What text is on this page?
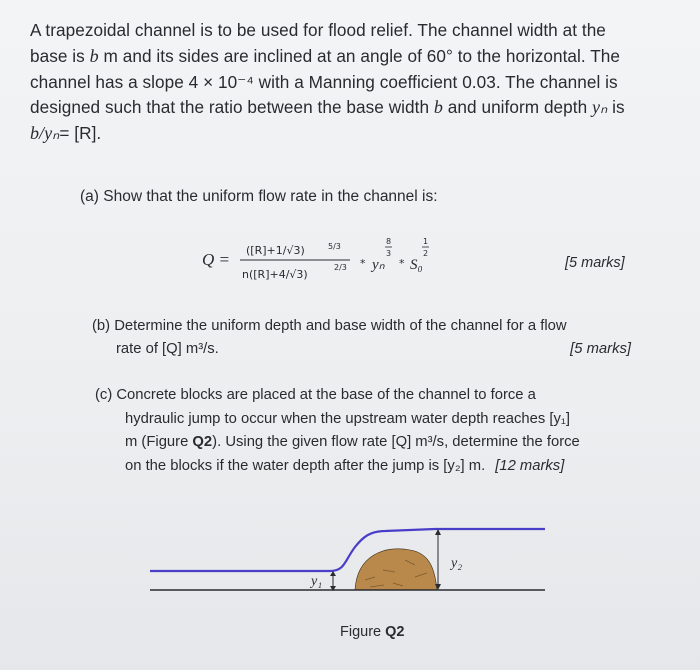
A trapezoidal channel is to be used for flood relief. The channel width at the

base is b m and its sides are inclined at an angle of 60° to the horizontal. The

channel has a slope 4 × 10⁻⁴ with a Manning coefficient 0.03. The channel is

designed such that the ratio between the base width b and uniform depth yₙ is

b/yₙ= [R].

(a) Show that the uniform flow rate in the channel is:
Q = ([R]+1/√3)	5/3
n([R]+4/√3)
2/3 * yₙ
8
3
* S₀
1
2
[5 marks]
(b) Determine the uniform depth and base width of the channel for a flow
rate of [Q] m³/s.	[5 marks]
(c) Concrete blocks are placed at the base of the channel to force a
hydraulic jump to occur when the upstream water depth reaches [y₁]
m (Figure Q2). Using the given flow rate [Q] m³/s, determine the force
on the blocks if the water depth after the jump is [y₂] m. [12 marks]
y₁
y₂
Figure Q2
